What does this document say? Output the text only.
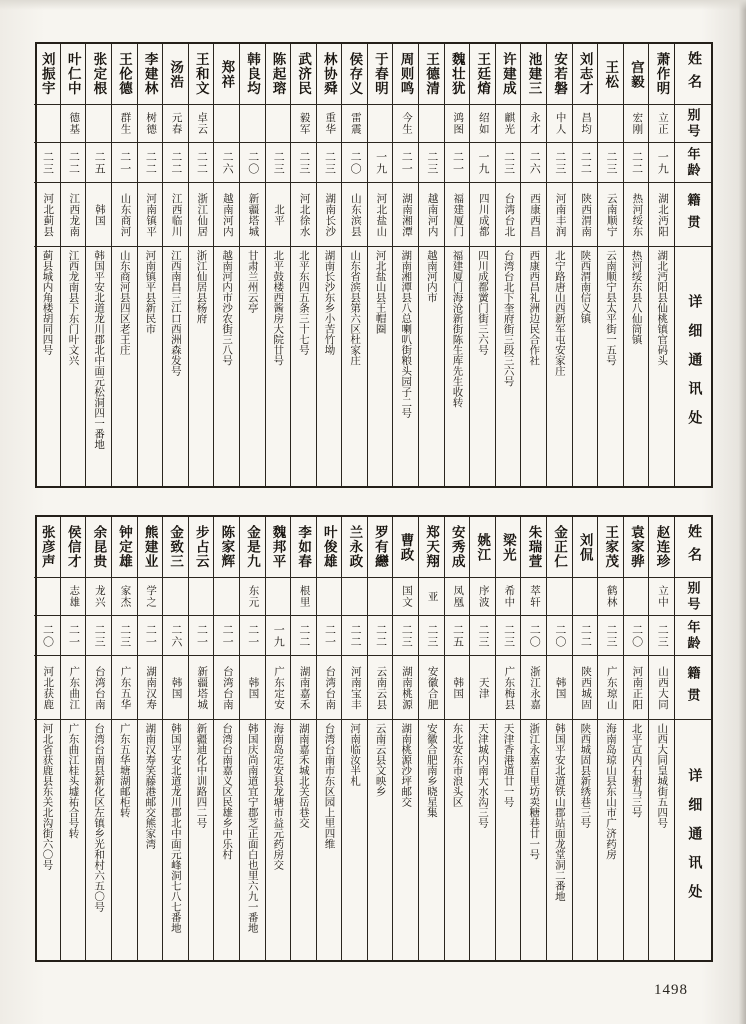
姓名
别号
年龄
籍贯
详细通讯处
萧作明
立正
一九
湖北沔阳
湖北沔阳县仙桃镇官码头
宫毅
宏刚
二二
热河绥东
热河绥东县八仙筒镇
王松
二三
云南顺宁
云南顺宁县太平街一五号
刘志才
昌均
二二
陕西渭南
陕西渭南信义镇
安若磐
中人
二三
河南丰润
北宁路唐山西新军屯安家庄
池建三
永才
二六
西康西昌
西康西昌礼洲边民合作社
许建成
麒光
二三
台湾台北
台湾台北下奎府街三段三六号
王廷焴
绍如
一九
四川成都
四川成都黉门街三六号
魏壮犹
鸿图
二一
福建厦门
福建厦门海沧新街陈生库先生收转
王德清
二三
越南河内
越南河内市
周则鸣
今生
二一
湖南湘潭
湖南湘潭县八总喇叭街粮头园子二号
于春明
一九
河北盐山
河北盐山县王帽圈
侯存义
雷震
二〇
山东滨县
山东省滨县第六区杜家庄
林协舜
重华
二三
湖南长沙
湖南长沙东乡小苦竹坳
武济民
毅军
二三
河北徐水
北平东四五条三十七号
陈起瑢
二三
北平
北平鼓楼西酱房大院廿号
韩良均
二〇
新疆塔城
甘肃兰州云亭
郑祥
二六
越南河内
越南河内市沙农街三八号
王和文
卓云
二二
浙江仙居
浙江仙居县杨府
汤浩
元春
二二
江西临川
江西南昌三江口西洲森发号
李建林
树德
二二
河南镇平
河南镇平县新民市
王伦德
群生
二一
山东商河
山东商河县四区老王庄
张定根
二五
韩国
韩国平安北道龙川郡北中面元松洞四一番地
叶仁中
德基
二二
江西龙南
江西龙南县下东门叶文兴
刘振宇
二三
河北蓟县
蓟县城内角楼胡同四号
姓名
别号
年龄
籍贯
详细通讯处
赵连珍
立中
二三
山西大同
山西大同皇城街五四号
袁家骅
二〇
河南正阳
北平宣内石驸马三号
王家茂
鹤林
二三
广东琼山
海南岛琼山县东山市广济药房
刘侃
二二
陕西城固
陕西城固县新绣巷三号
金正仁
二〇
韩国
韩国平安北道铁山郡站面龙堂洞二番地
朱瑞萱
萃轩
二〇
浙江永嘉
浙江永嘉百里坊卖糖巷廿一号
梁光
希中
二三
广东梅县
天津香港道廿一号
姚江
序波
二三
天津
天津城内南大水沟三号
安秀成
凤凰
二五
韩国
东北安东市浪头区
郑天翔
亚
二三
安徽合肥
安徽合肥南乡晓星集
曹政
国文
二三
湖南桃源
湖南桃源沙坪邮交
罗有纞
二二
云南云县
云南云县文映乡
兰永政
二二
河南宝丰
河南临汝半札
叶俊雄
二一
台湾台南
台湾台南市东区园上里四维
李如春
根里
二二
湖南嘉禾
湖南嘉禾城北关岳巷交
魏邦平
一九
广东定安
海南岛定安县龙塘市益元药房交
金是九
东元
二一
韩国
韩国庆尚南道宜宁郡芝正面白也里六九一番地
陈家辉
二一
台湾台南
台湾台南嘉义区民雄乡中乐村
步占云
二一
新疆塔城
新疆迪化中训路四二号
金致三
二六
韩国
韩国平安北道龙川郡北中面元峰洞七八七番地
熊建业
学之
二一
湖南汉寿
湖南汉寿笑藤港邮交熊家湾
钟定雄
家杰
二三
广东五华
广东五华塘湖邮柜转
余昆贵
龙兴
二三
台湾台南
台湾台南县新化区左镇乡光和村六五〇号
侯信才
志雄
二一
广东曲江
广东曲江桂头墟祐合号转
张彦声
二〇
河北获鹿
河北省获鹿县东关北沟街六〇号
1498
